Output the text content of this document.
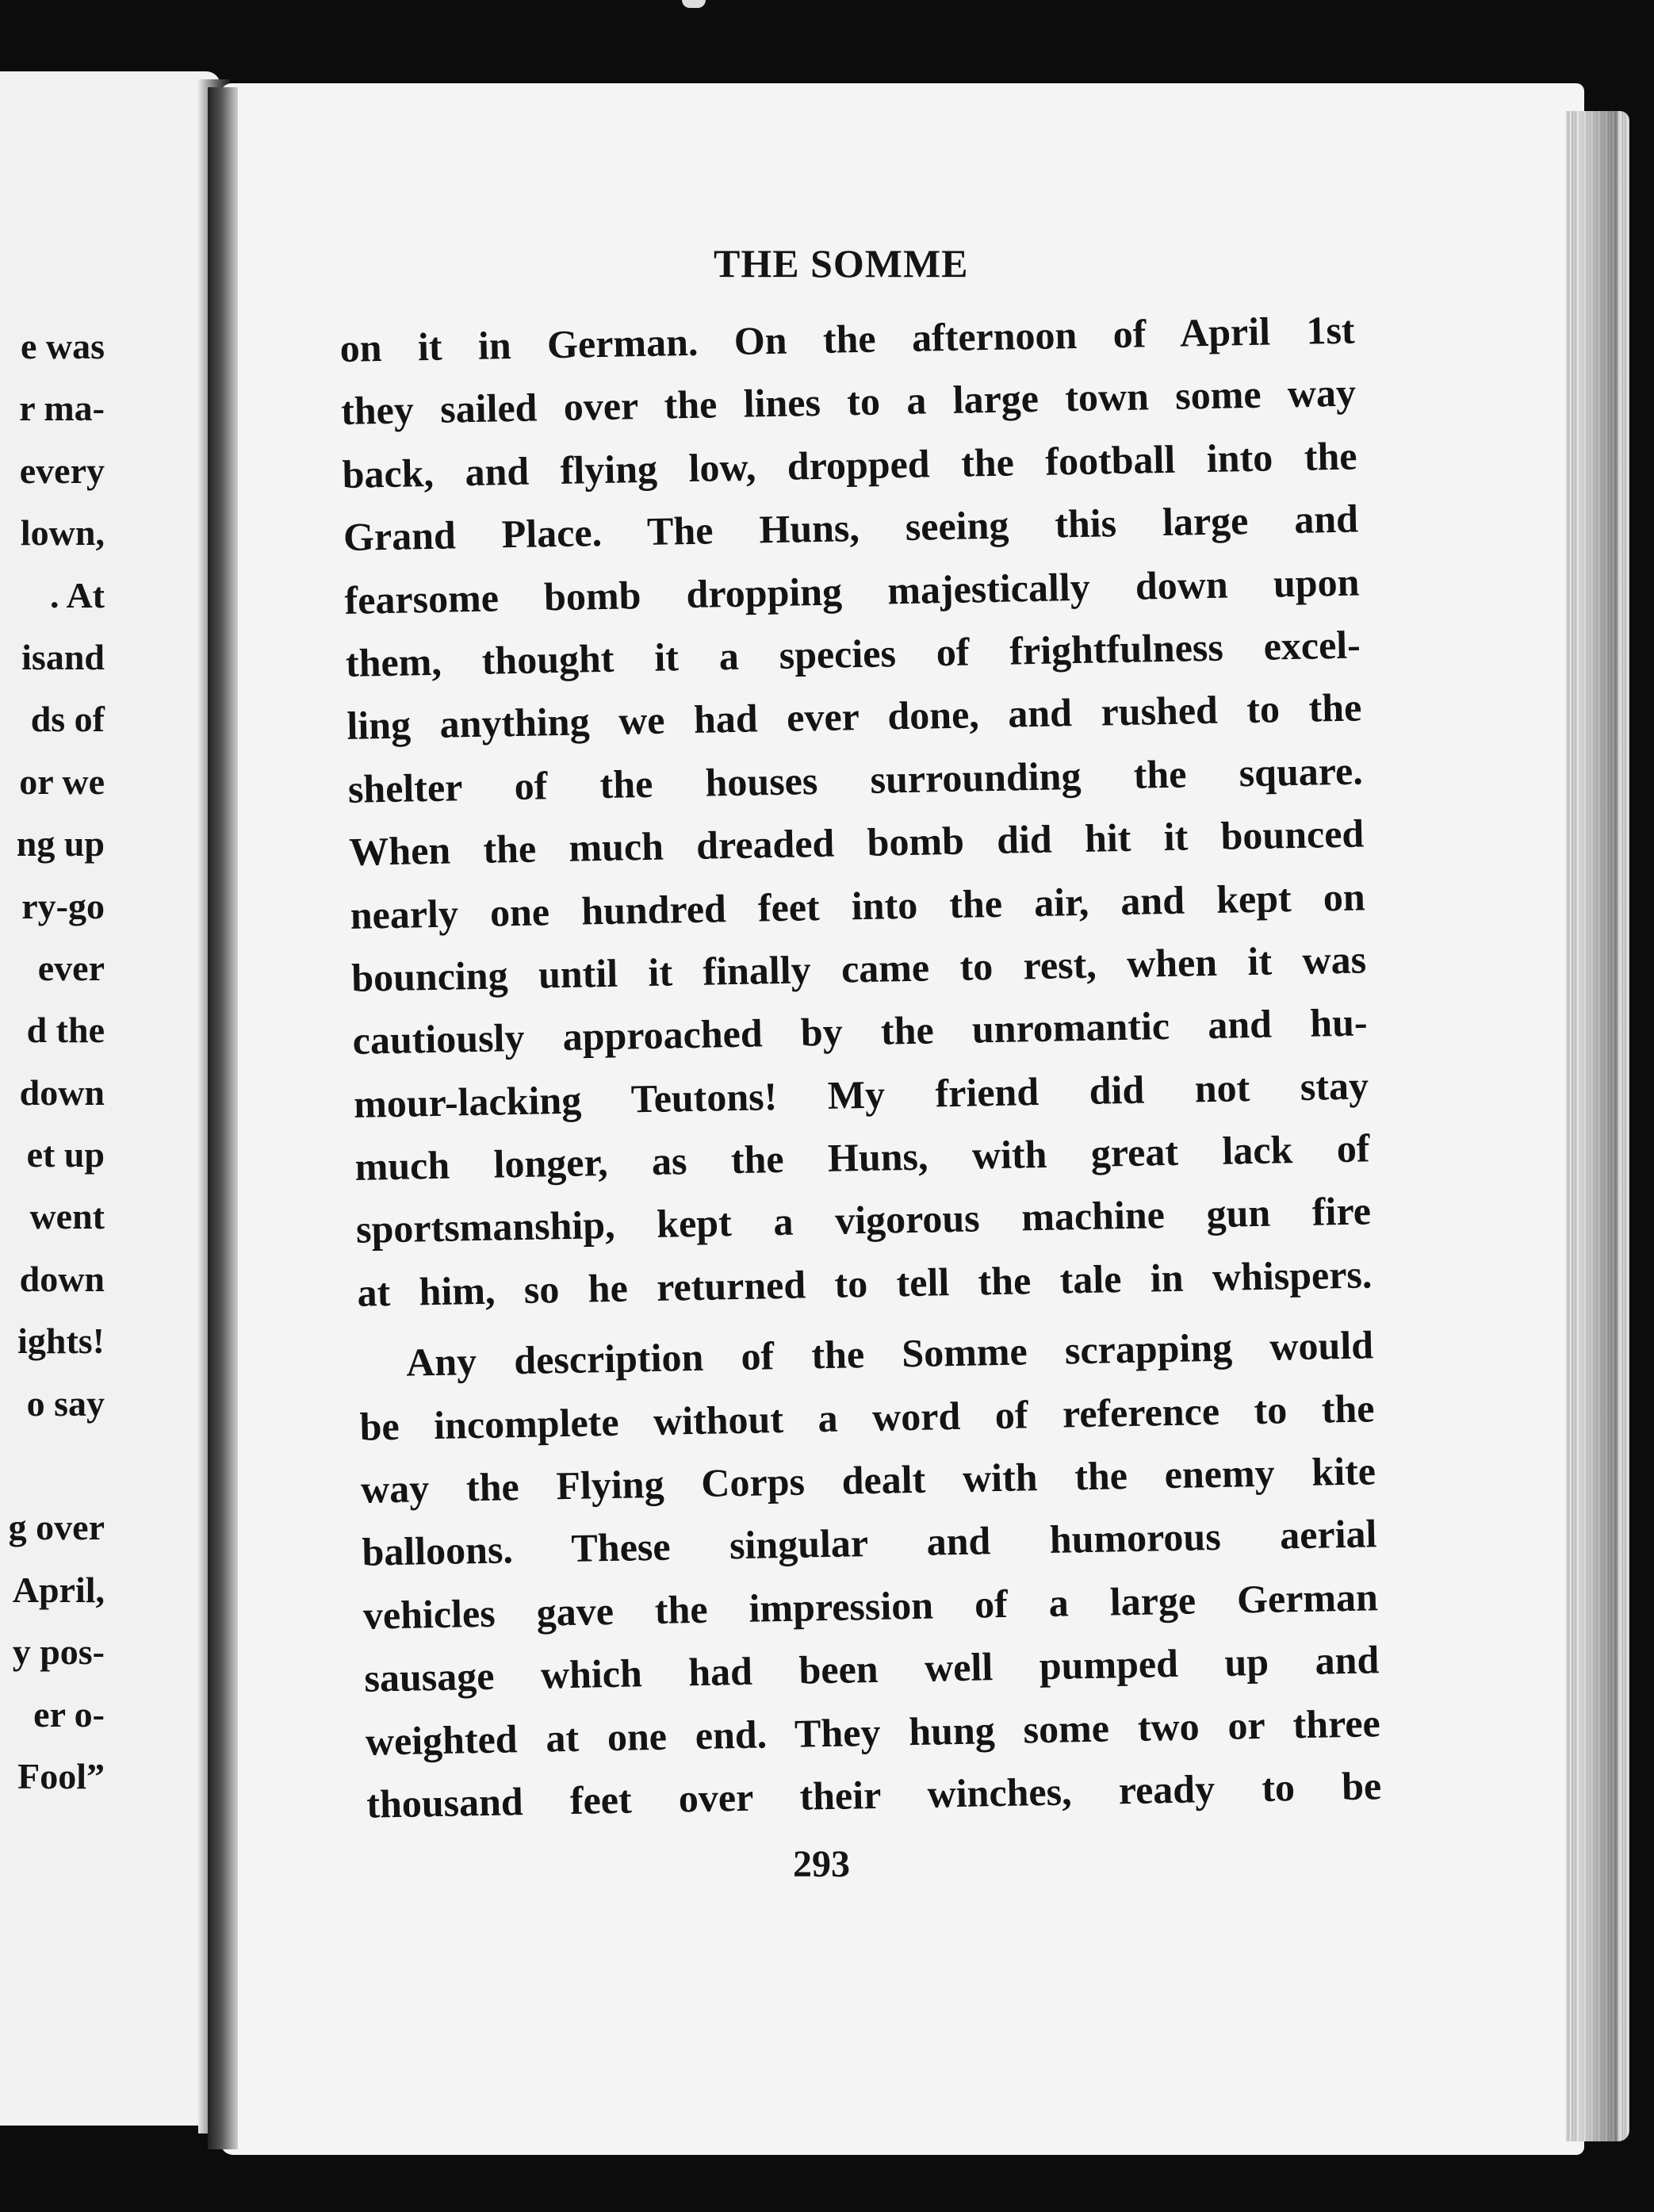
e was
r ma-
every
lown,
. At
isand
ds of
or we
ng up
ry-go
ever
d the
down
et up
went
down
ights!
o say
g over
April,
y pos-
er o-
Fool”
THE SOMME
on it in German. On the afternoon of April 1st
they sailed over the lines to a large town some way
back, and flying low, dropped the football into the
Grand Place. The Huns, seeing this large and
fearsome bomb dropping majestically down upon
them, thought it a species of frightfulness excel-
ling anything we had ever done, and rushed to the
shelter of the houses surrounding the square.
When the much dreaded bomb did hit it bounced
nearly one hundred feet into the air, and kept on
bouncing until it finally came to rest, when it was
cautiously approached by the unromantic and hu-
mour-lacking Teutons! My friend did not stay
much longer, as the Huns, with great lack of
sportsmanship, kept a vigorous machine gun fire
at him, so he returned to tell the tale in whispers.
Any description of the Somme scrapping would
be incomplete without a word of reference to the
way the Flying Corps dealt with the enemy kite
balloons. These singular and humorous aerial
vehicles gave the impression of a large German
sausage which had been well pumped up and
weighted at one end. They hung some two or three
thousand feet over their winches, ready to be
293
